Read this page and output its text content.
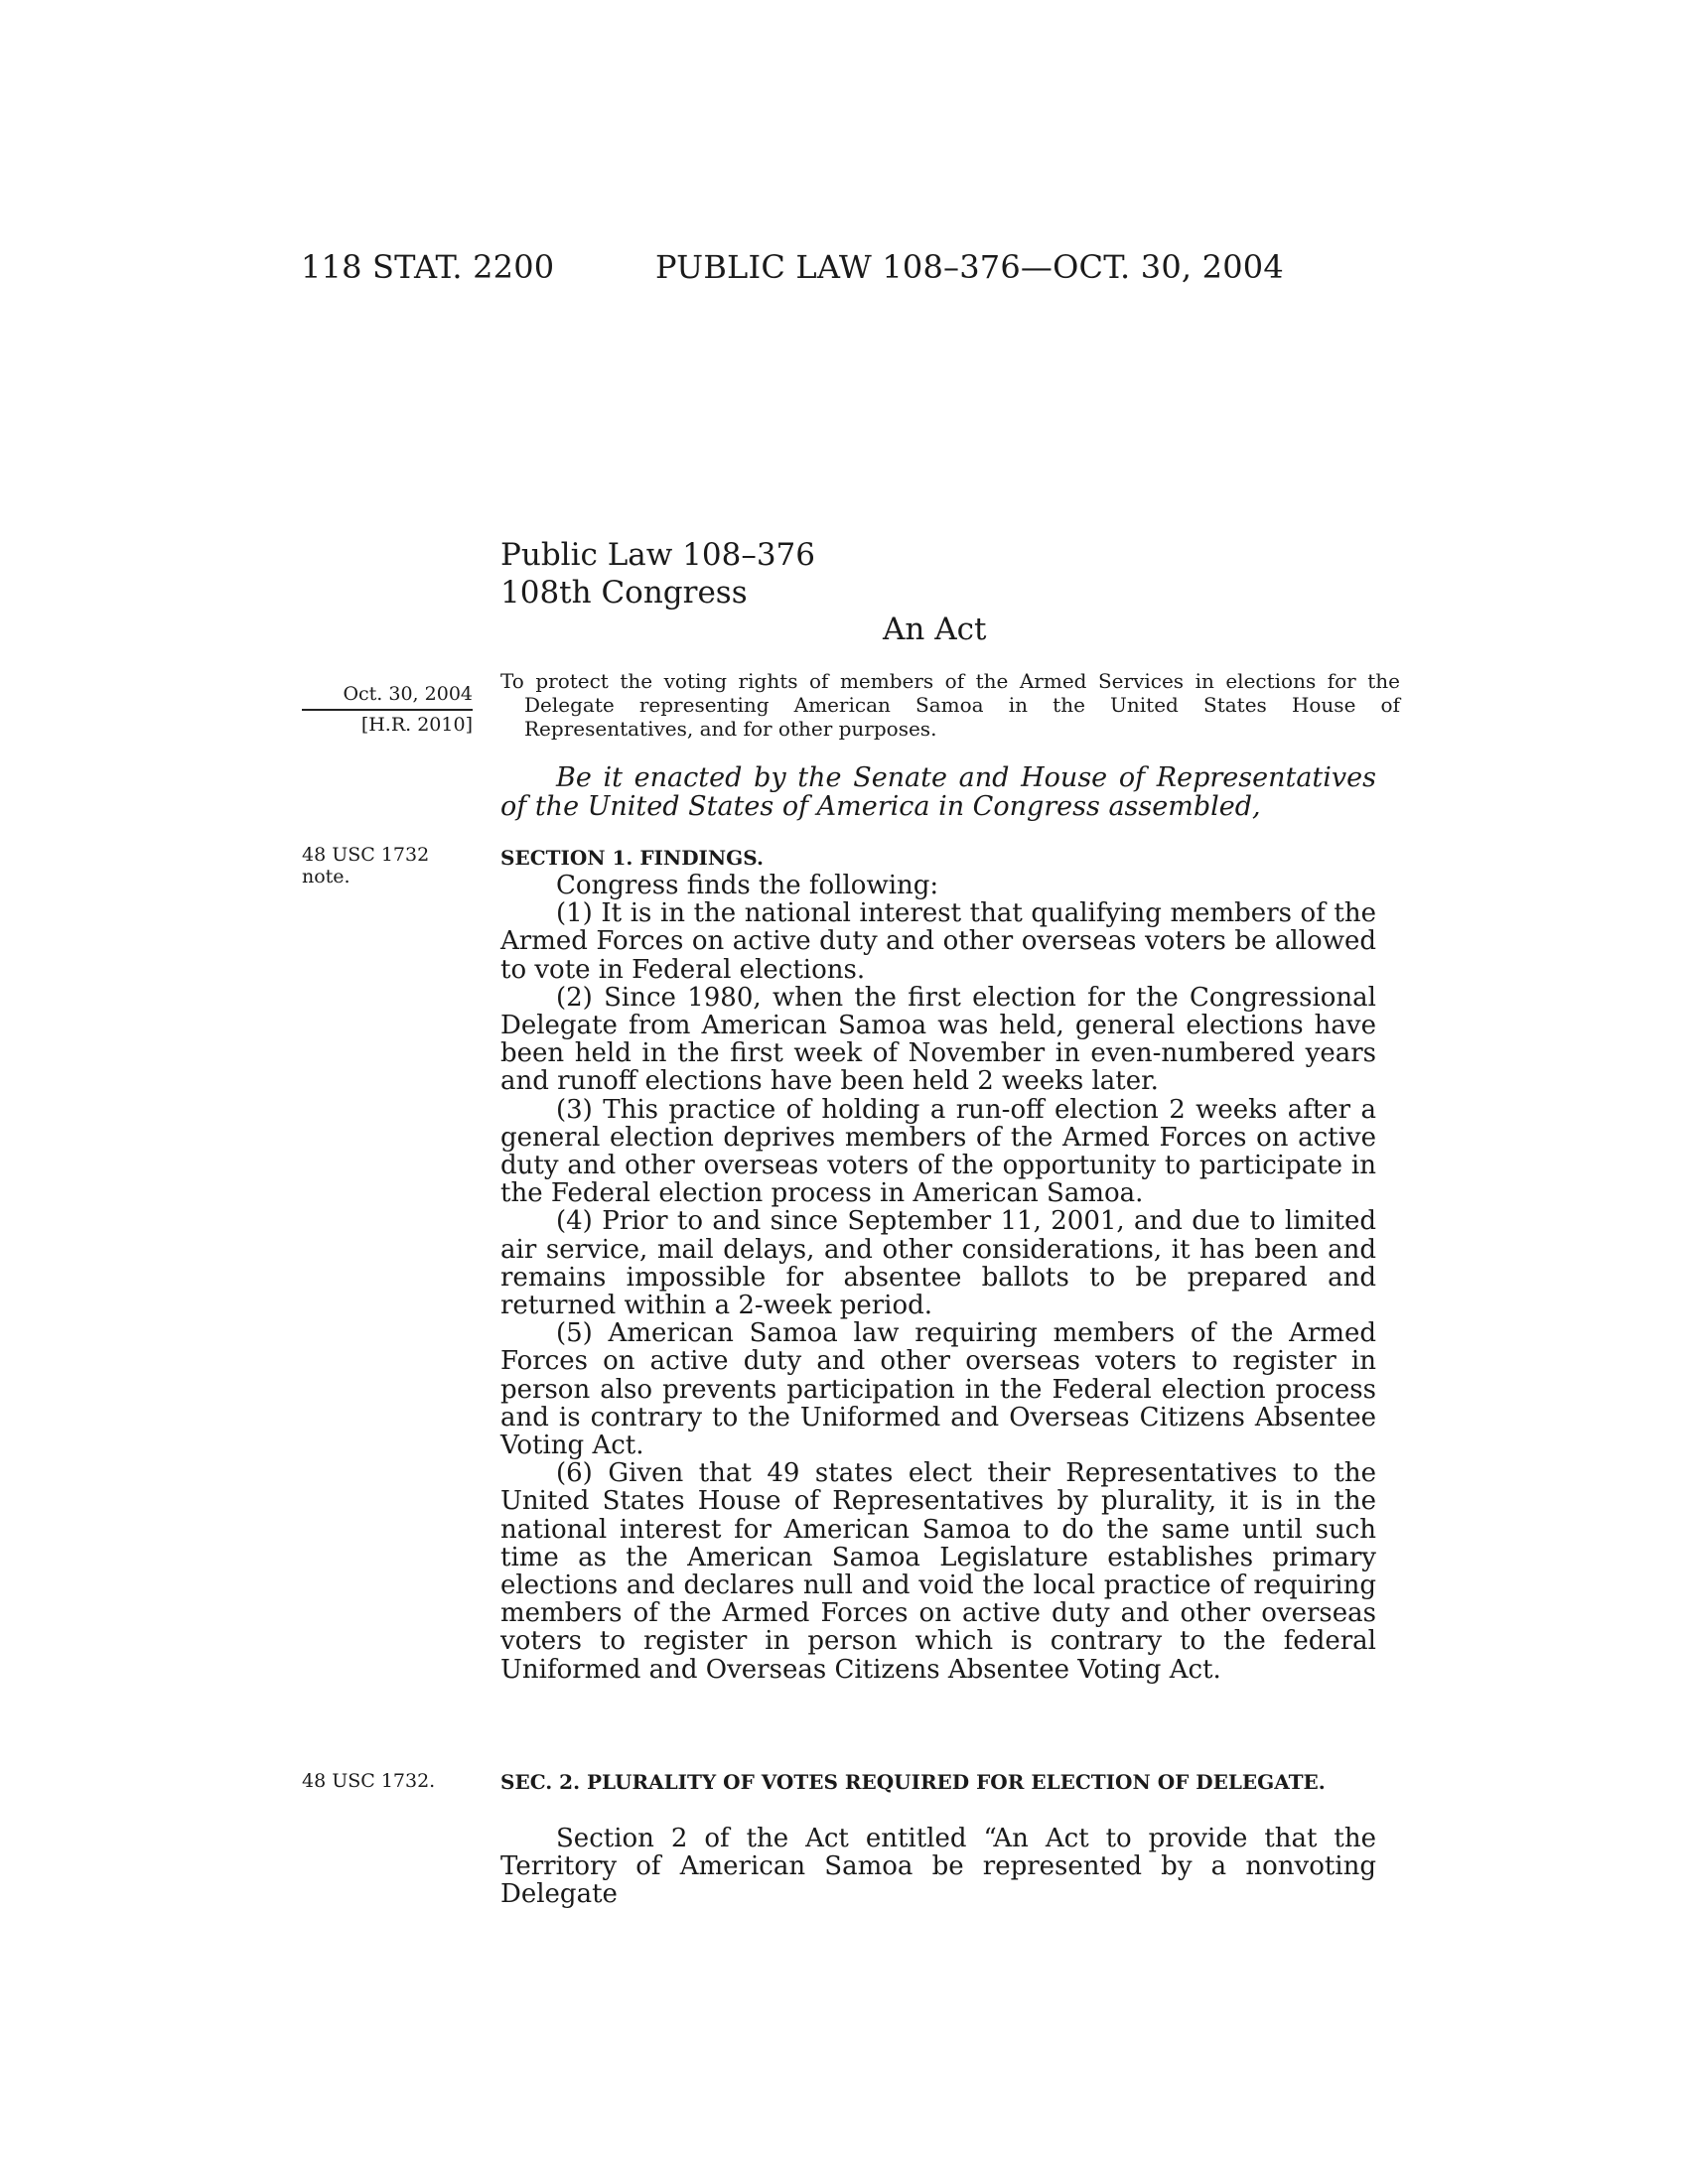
118 STAT. 2200	PUBLIC LAW 108–376—OCT. 30, 2004
Public Law 108–376
108th Congress
An Act
Oct. 30, 2004
[H.R. 2010]
To protect the voting rights of members of the Armed Services in elections for the Delegate representing American Samoa in the United States House of Representatives, and for other purposes.
Be it enacted by the Senate and House of Representatives of the United States of America in Congress assembled,
48 USC 1732
note.
SECTION 1. FINDINGS.

Congress finds the following:

(1) It is in the national interest that qualifying members of the Armed Forces on active duty and other overseas voters be allowed to vote in Federal elections.

(2) Since 1980, when the first election for the Congressional Delegate from American Samoa was held, general elections have been held in the first week of November in even-numbered years and runoff elections have been held 2 weeks later.

(3) This practice of holding a run-off election 2 weeks after a general election deprives members of the Armed Forces on active duty and other overseas voters of the opportunity to participate in the Federal election process in American Samoa.

(4) Prior to and since September 11, 2001, and due to limited air service, mail delays, and other considerations, it has been and remains impossible for absentee ballots to be prepared and returned within a 2-week period.

(5) American Samoa law requiring members of the Armed Forces on active duty and other overseas voters to register in person also prevents participation in the Federal election process and is contrary to the Uniformed and Overseas Citizens Absentee Voting Act.

(6) Given that 49 states elect their Representatives to the United States House of Representatives by plurality, it is in the national interest for American Samoa to do the same until such time as the American Samoa Legislature establishes primary elections and declares null and void the local practice of requiring members of the Armed Forces on active duty and other overseas voters to register in person which is contrary to the federal Uniformed and Overseas Citizens Absentee Voting Act.

48 USC 1732.	SEC. 2. PLURALITY OF VOTES REQUIRED FOR ELECTION OF DELEGATE.

Section 2 of the Act entitled “An Act to provide that the Territory of American Samoa be represented by a nonvoting Delegate
